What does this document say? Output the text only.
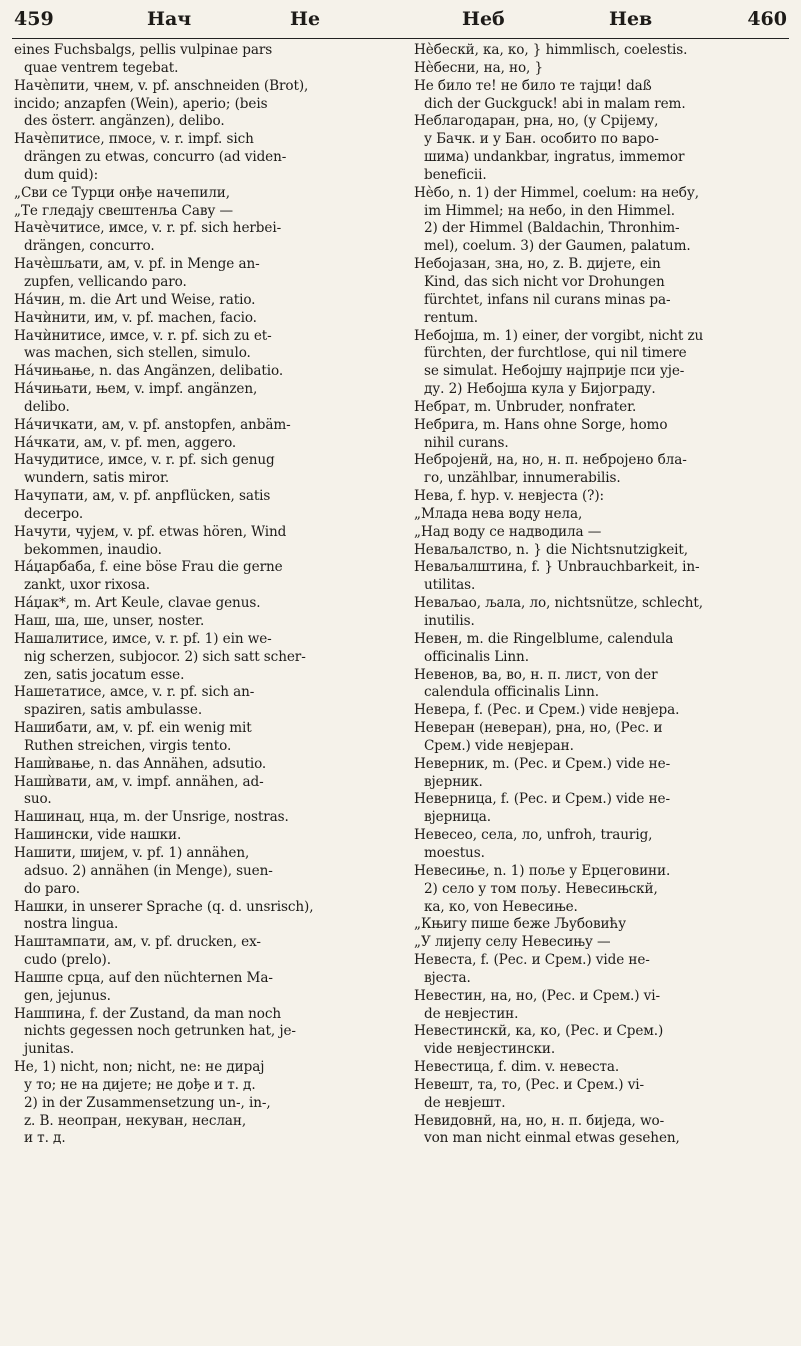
459	Нач	Не	Неб	Нев	460
eines Fuchsbalgs, pellis vulpinae pars
quae ventrem tegebat.
Начѐпити, чнем, v. pf. anschneiden (Brot),
incido; anzapfen (Wein), aperio; (beis
des österr. angänzen), delibo.
Начѐпитисе, пмосе, v. r. impf. sich
drängen zu etwas, concurro (ad viden-
dum quid):
„Сви се Турци онђе начепили,
„Те гледају свештенља Саву —
Начѐчитисе, имсе, v. r. pf. sich herbei-
drängen, concurro.
Начѐшљати, ам, v. pf. in Menge an-
zupfen, vellicando paro.
Нáчин, m. die Art und Weise, ratio.
Начѝнити, им, v. pf. machen, facio.
Начѝнитисе, имсе, v. r. pf. sich zu et-
was machen, sich stellen, simulo.
Нáчињање, n. das Angänzen, delibatio.
Нáчињати, њем, v. impf. angänzen,
delibo.
Нáчичкати, ам, v. pf. anstopfen, anbäm-
Нáчкати, ам, v. pf. men, aggero.
Начудитисе, имсе, v. r. pf. sich genug
wundern, satis miror.
Начупати, ам, v. pf. anpflücken, satis
decerpo.
Начути, чујем, v. pf. etwas hören, Wind
bekommen, inaudio.
Нáџарбаба, f. eine böse Frau die gerne
zankt, uxor rixosa.
Нáџак*, m. Art Keule, clavae genus.
Наш, ша, ше, unser, noster.
Нашалитисе, имсе, v. r. pf. 1) ein we-
nig scherzen, subjocor. 2) sich satt scher-
zen, satis jocatum esse.
Нашетатисе, амсе, v. r. pf. sich an-
spaziren, satis ambulasse.
Нашибати, ам, v. pf. ein wenig mit
Ruthen streichen, virgis tento.
Нашѝвање, n. das Annähen, adsutio.
Нашѝвати, ам, v. impf. annähen, ad-
suo.
Нашинац, нца, m. der Unsrige, nostras.
Нашински, vide нашки.
Нашити, шијем, v. pf. 1) annähen,
adsuo. 2) annähen (in Menge), suen-
do paro.
Нашки, in unserer Sprache (q. d. unsrisch),
nostra lingua.
Наштампати, ам, v. pf. drucken, ex-
cudo (prelo).
Нашпе срца, auf den nüchternen Ma-
gen, jejunus.
Нашпина, f. der Zustand, da man noch
nichts gegessen noch getrunken hat, je-
junitas.
Не, 1) nicht, non; nicht, ne: не дирај
у то; не на дијете; не дође и т. д.
2) in der Zusammensetzung un-, in-,
z. B. неопран, некуван, неслан,
и т. д.
Нѐбескй, ка, ко, } himmlisch, coelestis.
Нѐбесни, на, но, }
Не било те! не било те тајци! daß
dich der Guckguck! abi in malam rem.
Неблагодаран, рна, но, (у Срijему,
у Бачк. и у Бан. особито по варо-
шима) undankbar, ingratus, immemor
beneficii.
Нѐбо, n. 1) der Himmel, coelum: на небу,
im Himmel; на небо, in den Himmel.
2) der Himmel (Baldachin, Thronhim-
mel), coelum. 3) der Gaumen, palatum.
Небојазан, зна, но, z. B. дијете, ein
Kind, das sich nicht vor Drohungen
fürchtet, infans nil curans minas pa-
rentum.
Небојша, m. 1) einer, der vorgibt, nicht zu
fürchten, der furchtlose, qui nil timere
se simulat. Небојшу најприје пси уje-
ду. 2) Небојша кула у Бијограду.
Небрат, m. Unbruder, nonfrater.
Небрига, m. Hans ohne Sorge, homo
nihil curans.
Неброjенй, на, но, н. п. небројено бла-
го, unzählbar, innumerabilis.
Нева, f. hyp. v. невјеста (?):
„Млада нева воду нела,
„Над воду се надводила —
Неваљалство, n. } die Nichtsnutzigkeit,
Неваљалштина, f. } Unbrauchbarkeit, in-
utilitas.
Неваљао, љала, ло, nichtsnütze, schlecht,
inutilis.
Невен, m. die Ringelblume, calendula
officinalis Linn.
Невенов, ва, во, н. п. лист, von der
calendula officinalis Linn.
Невера, f. (Рес. и Срем.) vide невјера.
Неверан (неверан), рна, но, (Рес. и
Срем.) vide невјеран.
Неверник, m. (Рес. и Срем.) vide не-
вјерник.
Неверница, f. (Рес. и Срем.) vide не-
вјерница.
Невесео, села, ло, unfroh, traurig,
moestus.
Невесиње, n. 1) поље у Ерцеговини.
2) село у том пољу. Невесињскй,
ка, ко, von Невесиње.
„Књигу пише беже Љубовићу
„У лијепу селу Невесињу —
Невеста, f. (Рес. и Срем.) vide не-
вјеста.
Невестин, на, но, (Рес. и Срем.) vi-
de невјестин.
Невестинскй, ка, ко, (Рес. и Срем.)
vide невјестински.
Невестица, f. dim. v. невеста.
Невешт, та, то, (Рес. и Срем.) vi-
de невјешт.
Невидовнй, на, но, н. п. биједа, wo-
von man nicht einmal etwas gesehen,
